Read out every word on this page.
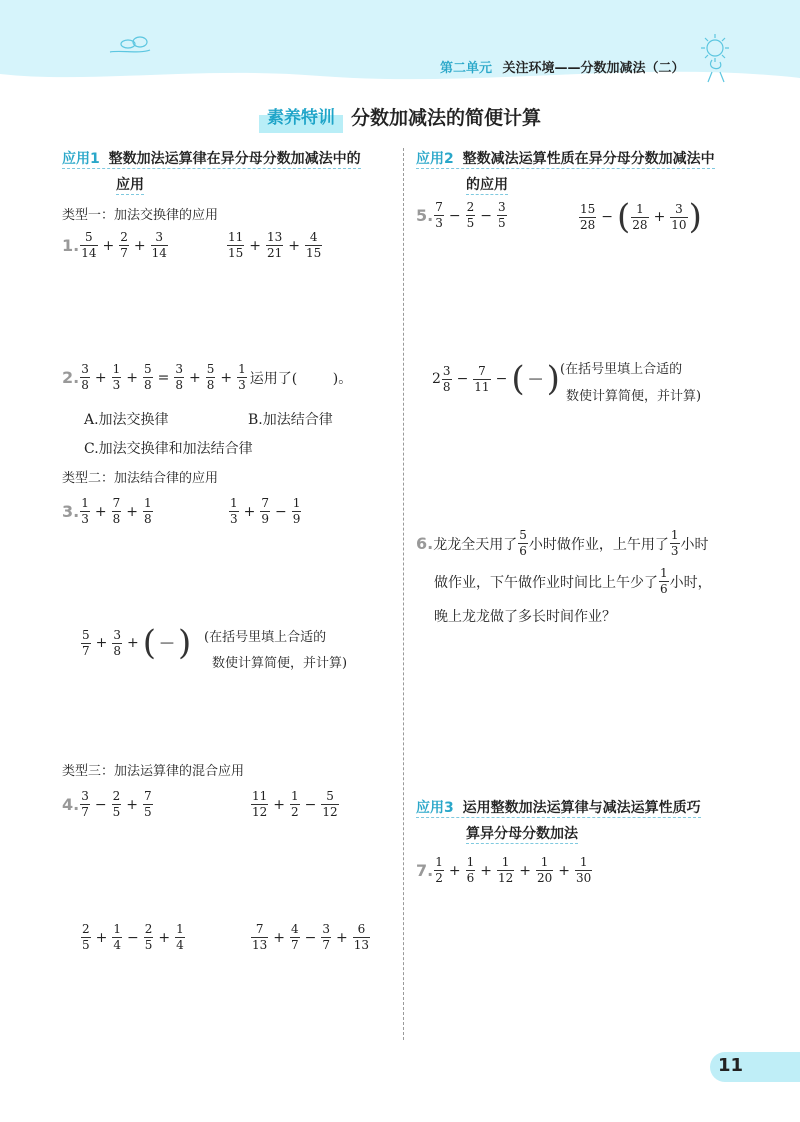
第二单元 关注环境——分数加减法（二）
素养特训 分数加减法的简便计算
应用1 整数加法运算律在异分母分数加减法中的
应用
类型一：加法交换律的应用
1. $\frac{5}{14} + \frac{2}{7} + \frac{3}{14}$	$\frac{11}{15} + \frac{13}{21} + \frac{4}{15}$
2. $\frac{3}{8} + \frac{1}{3} + \frac{5}{8} = \frac{3}{8} + \frac{5}{8} + \frac{1}{3}$ 运用了(        )。
A.加法交换律	B.加法结合律
C.加法交换律和加法结合律
类型二：加法结合律的应用
3. $\frac{1}{3} + \frac{7}{8} + \frac{1}{8}$	$\frac{1}{3} + \frac{7}{9} - \frac{1}{9}$
$\frac{5}{7} + \frac{3}{8}$ + ( — ) (在括号里填上合适的
数使计算简便，并计算)
类型三：加法运算律的混合应用
4. $\frac{3}{7} - \frac{2}{5} + \frac{7}{5}$	$\frac{11}{12} + \frac{1}{2} - \frac{5}{12}$
$\frac{2}{5} + \frac{1}{4} - \frac{2}{5} + \frac{1}{4}$	$\frac{7}{13} + \frac{4}{7} - \frac{3}{7} + \frac{6}{13}$
应用2 整数减法运算性质在异分母分数加减法中
的应用
5. $\frac{7}{3} - \frac{2}{5} - \frac{3}{5}$	$\frac{15}{28}$ − ( $\frac{1}{28} + \frac{3}{10}$ )
$2 \frac{3}{8} - \frac{7}{11}$ − ( — ) (在括号里填上合适的
数使计算简便，并计算)
6. 龙龙全天用了 $\frac{5}{6}$ 小时做作业，上午用了 $\frac{1}{3}$ 小时
做作业，下午做作业时间比上午少了 $\frac{1}{6}$ 小时，
晚上龙龙做了多长时间作业？
应用3 运用整数加法运算律与减法运算性质巧
算异分母分数加法
7. $\frac{1}{2} + \frac{1}{6} + \frac{1}{12} + \frac{1}{20} + \frac{1}{30}$
11
